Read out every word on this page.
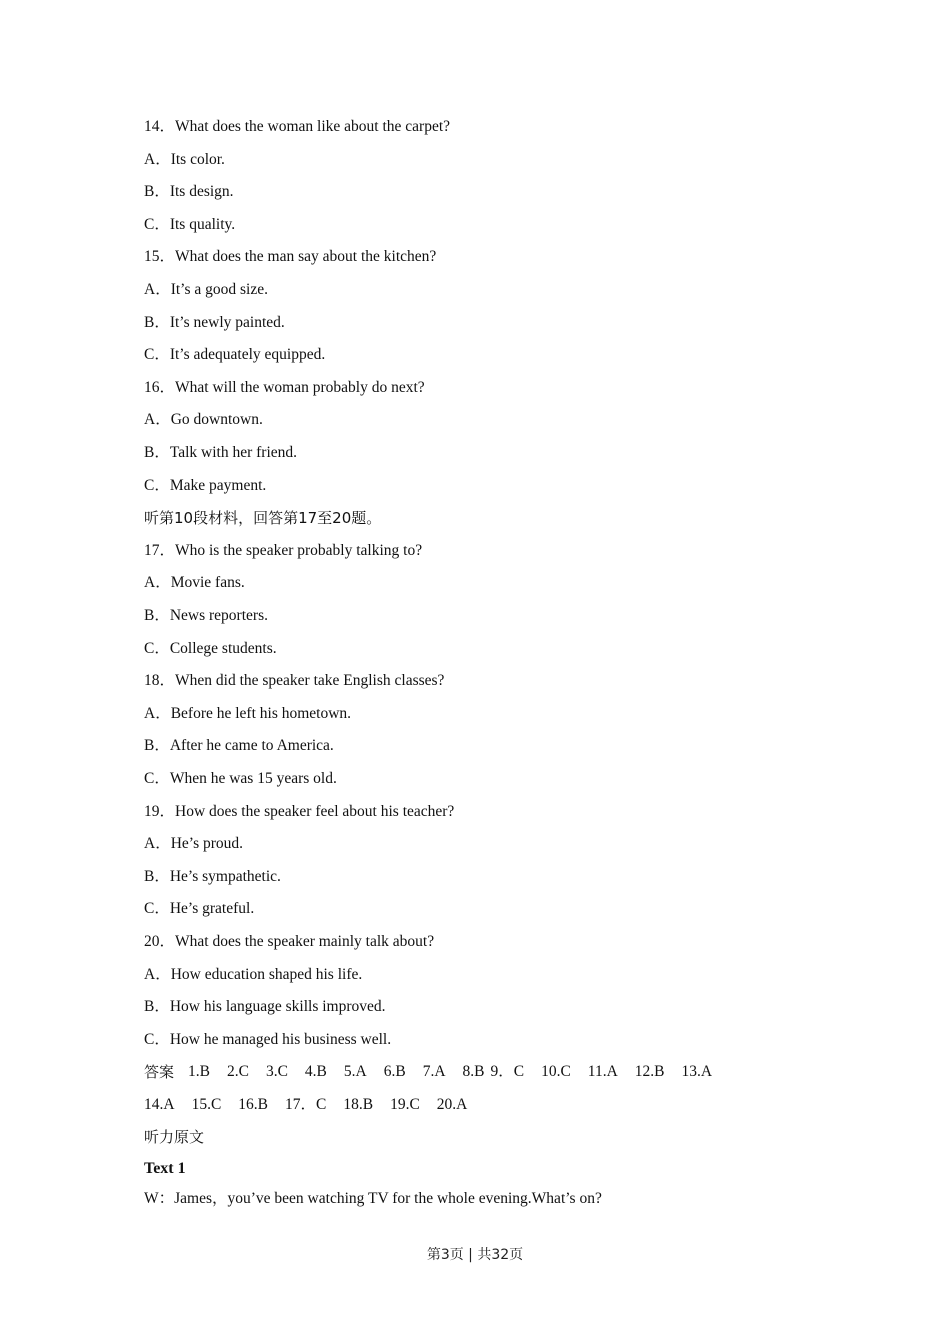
14．What does the woman like about the carpet?
A．Its color.
B．Its design.
C．Its quality.
15．What does the man say about the kitchen?
A．It’s a good size.
B．It’s newly painted.
C．It’s adequately equipped.
16．What will the woman probably do next?
A．Go downtown.
B．Talk with her friend.
C．Make payment.
听第10段材料，回答第17至20题。
17．Who is the speaker probably talking to?
A．Movie fans.
B．News reporters.
C．College students.
18．When did the speaker take English classes?
A．Before he left his hometown.
B．After he came to America.
C．When he was 15 years old.
19．How does the speaker feel about his teacher?
A．He’s proud.
B．He’s sympathetic.
C．He’s grateful.
20．What does the speaker mainly talk about?
A．How education shaped his life.
B．How his language skills improved.
C．How he managed his business well.
答案 1.B 2.C 3.C 4.B 5.A 6.B 7.A 8.B 9．C 10.C 11.A 12.B 13.A
14.A 15.C 16.B 17．C 18.B 19.C 20.A
听力原文
Text 1
W：James，you’ve been watching TV for the whole evening.What’s on?
第3页 | 共32页
